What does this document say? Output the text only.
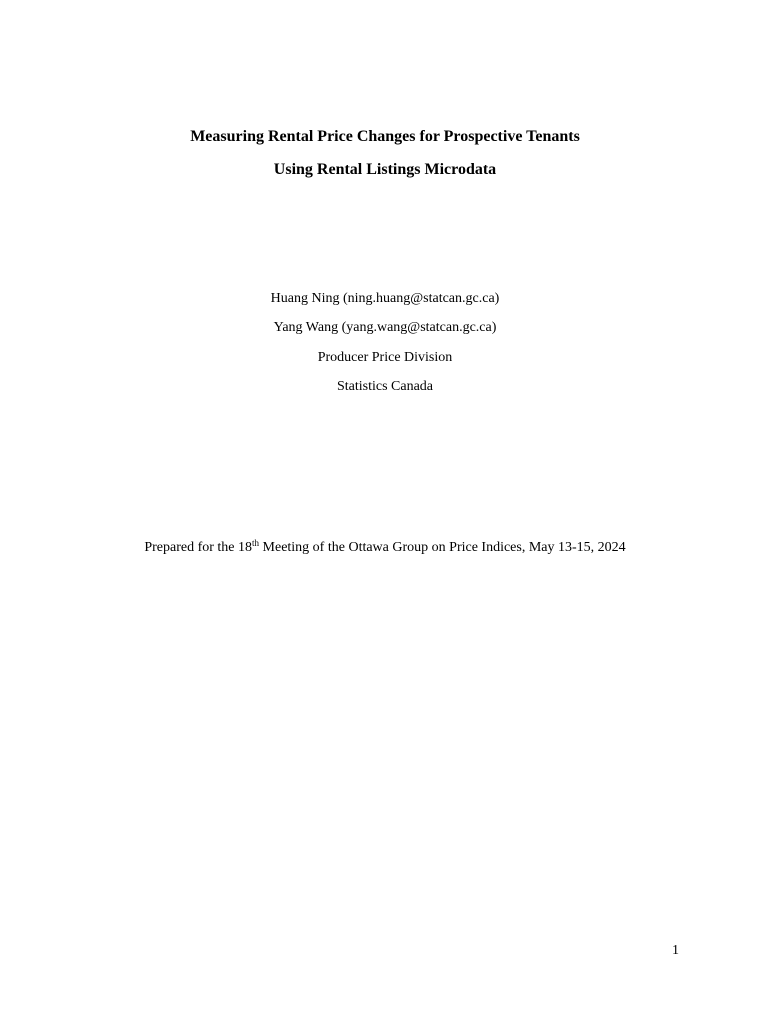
Measuring Rental Price Changes for Prospective Tenants
Using Rental Listings Microdata

Huang Ning (ning.huang@statcan.gc.ca)

Yang Wang (yang.wang@statcan.gc.ca)

Producer Price Division

Statistics Canada

Prepared for the 18th Meeting of the Ottawa Group on Price Indices, May 13-15, 2024

1
